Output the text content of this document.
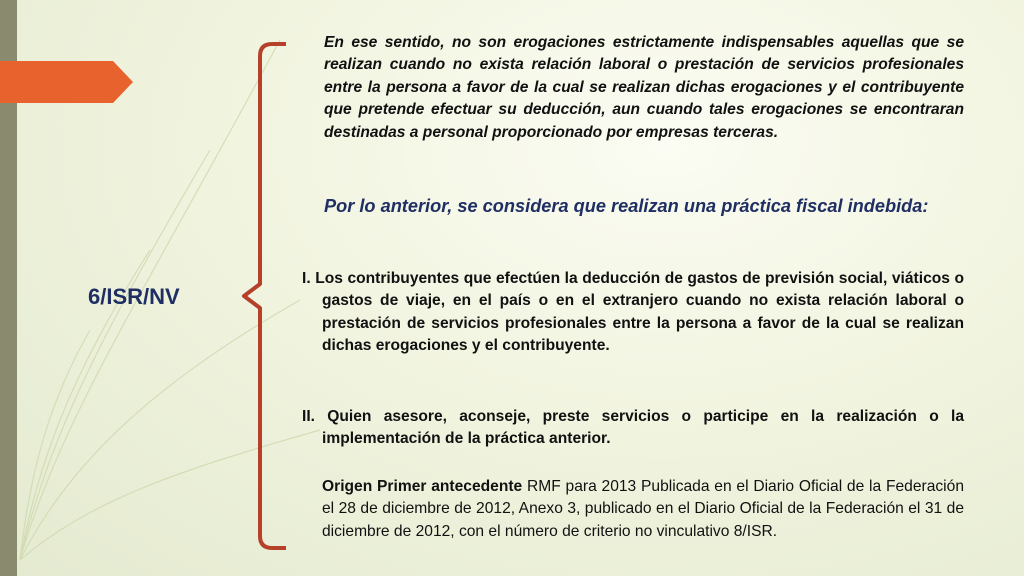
6/ISR/NV

En ese sentido, no son erogaciones estrictamente indispensables aquellas que se realizan cuando no exista relación laboral o prestación de servicios profesionales entre la persona a favor de la cual se realizan dichas erogaciones y el contribuyente que pretende efectuar su deducción, aun cuando tales erogaciones se encontraran destinadas a personal proporcionado por empresas terceras.

Por lo anterior, se considera que realizan una práctica fiscal indebida:

I. Los contribuyentes que efectúen la deducción de gastos de previsión social, viáticos o gastos de viaje, en el país o en el extranjero cuando no exista relación laboral o prestación de servicios profesionales entre la persona a favor de la cual se realizan dichas erogaciones y el contribuyente.

II. Quien asesore, aconseje, preste servicios o participe en la realización o la implementación de la práctica anterior.

Origen Primer antecedente RMF para 2013 Publicada en el Diario Oficial de la Federación el 28 de diciembre de 2012, Anexo 3, publicado en el Diario Oficial de la Federación el 31 de diciembre de 2012, con el número de criterio no vinculativo 8/ISR.
